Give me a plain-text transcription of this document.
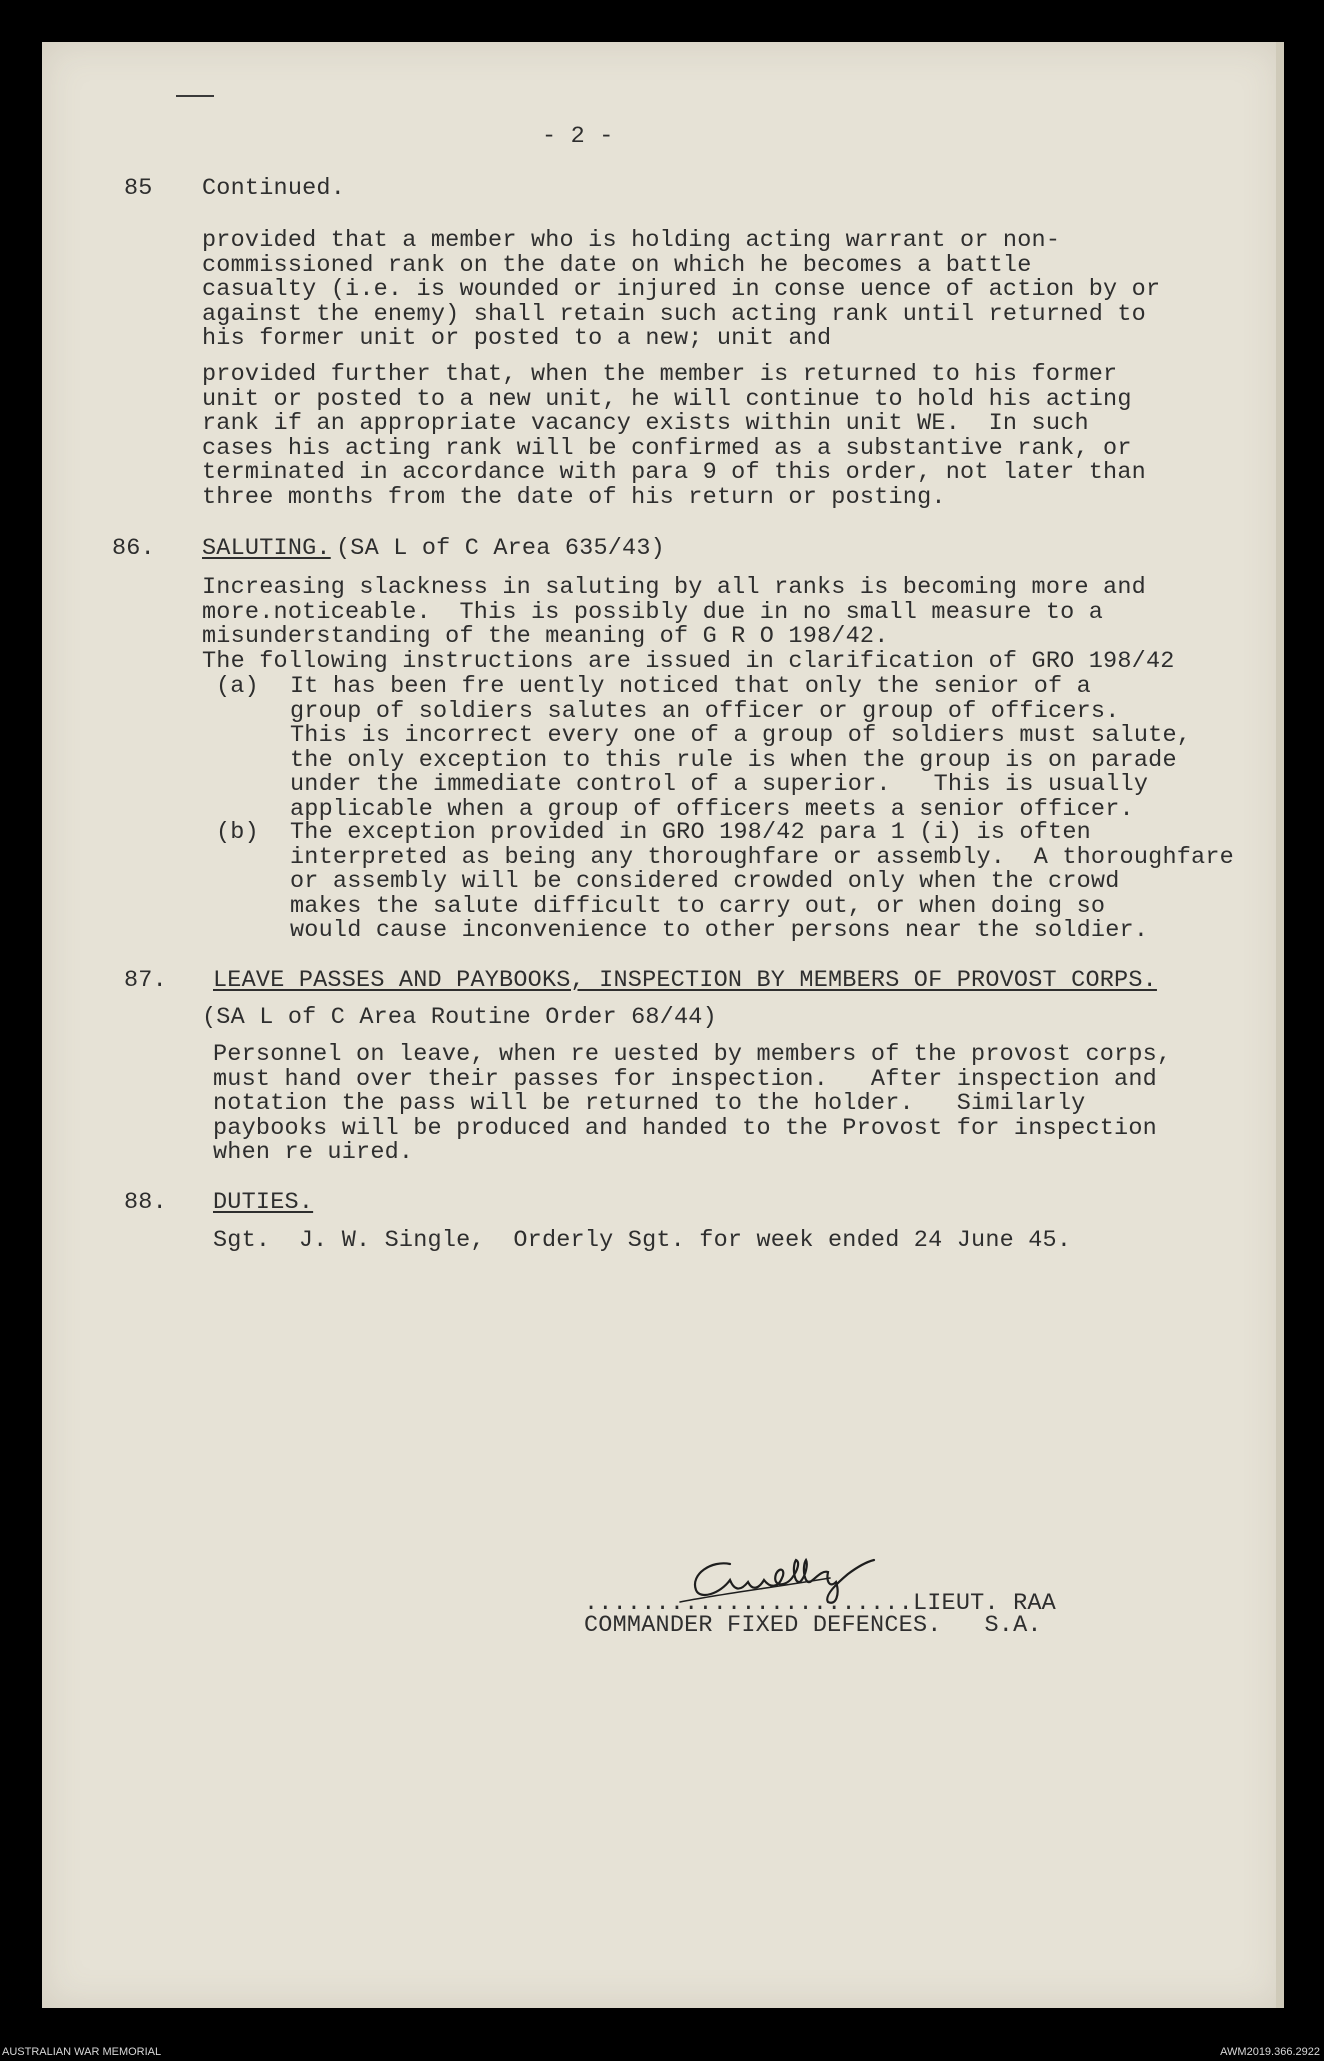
- 2 -
85 Continued.
provided that a member who is holding acting warrant or non-
commissioned rank on the date on which he becomes a battle
casualty (i.e. is wounded or injured in conse uence of action by or
against the enemy) shall retain such acting rank until returned to
his former unit or posted to a new; unit and
provided further that, when the member is returned to his former
unit or posted to a new unit, he will continue to hold his acting
rank if an appropriate vacancy exists within unit WE.  In such
cases his acting rank will be confirmed as a substantive rank, or
terminated in accordance with para 9 of this order, not later than
three months from the date of his return or posting.
86. SALUTING. (SA L of C Area 635/43)
Increasing slackness in saluting by all ranks is becoming more and
more.noticeable.  This is possibly due in no small measure to a
misunderstanding of the meaning of G R O 198/42.
The following instructions are issued in clarification of GRO 198/42
(a) It has been fre uently noticed that only the senior of a
group of soldiers salutes an officer or group of officers.
This is incorrect every one of a group of soldiers must salute,
the only exception to this rule is when the group is on parade
under the immediate control of a superior.   This is usually
applicable when a group of officers meets a senior officer.
(b) The exception provided in GRO 198/42 para 1 (i) is often
interpreted as being any thoroughfare or assembly.  A thoroughfare
or assembly will be considered crowded only when the crowd
makes the salute difficult to carry out, or when doing so
would cause inconvenience to other persons near the soldier.
87. LEAVE PASSES AND PAYBOOKS, INSPECTION BY MEMBERS OF PROVOST CORPS.
(SA L of C Area Routine Order 68/44)
Personnel on leave, when re uested by members of the provost corps,
must hand over their passes for inspection.   After inspection and
notation the pass will be returned to the holder.   Similarly
paybooks will be produced and handed to the Provost for inspection
when re uired.
88. DUTIES.
Sgt.  J. W. Single,  Orderly Sgt. for week ended 24 June 45.
.......................LIEUT. RAA
COMMANDER FIXED DEFENCES.   S.A.
AUSTRALIAN WAR MEMORIAL	AWM2019.366.2922
